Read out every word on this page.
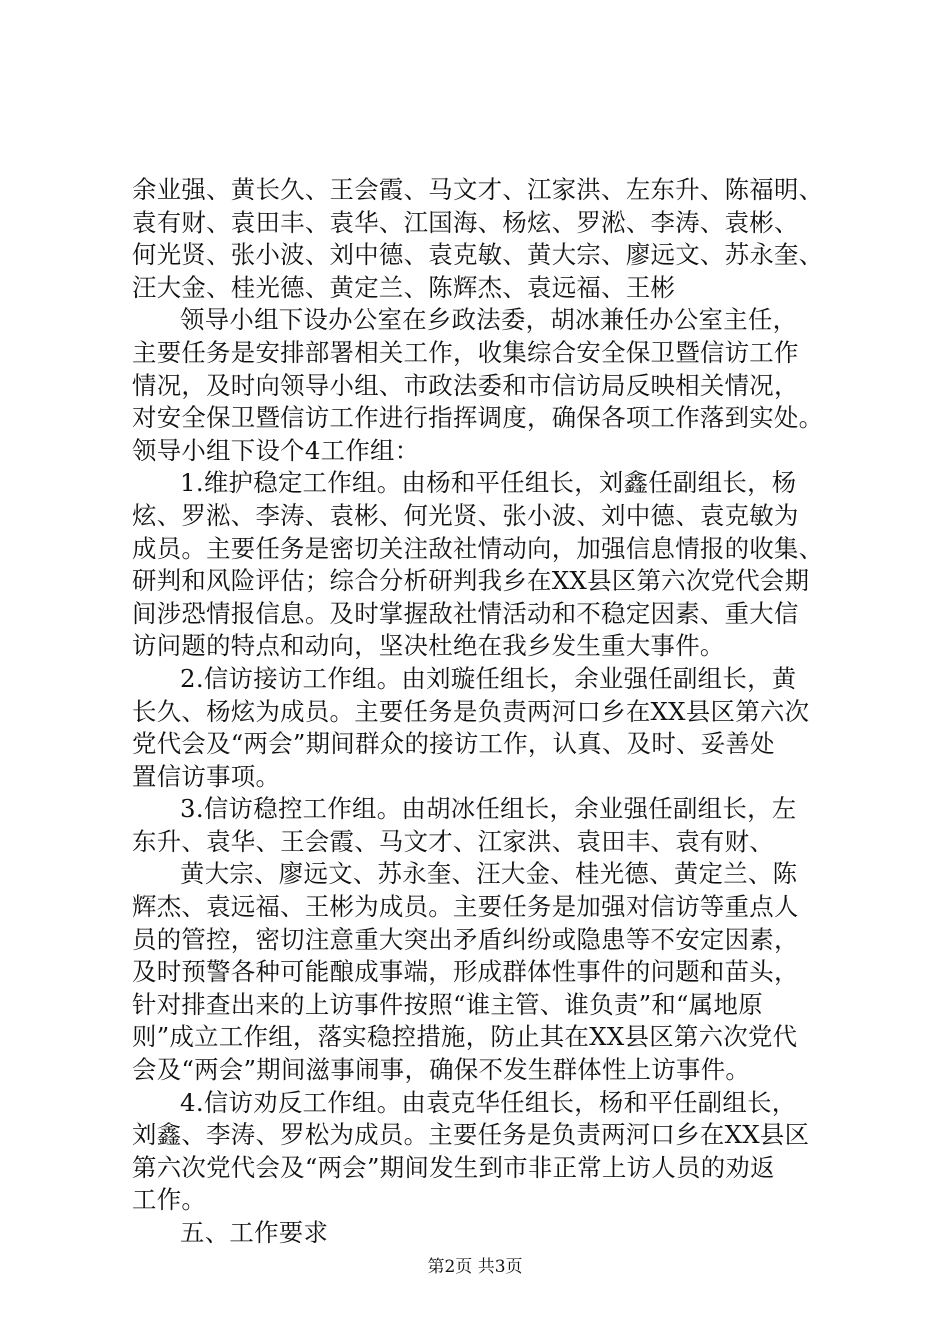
余业强、黄长久、王会霞、马文才、江家洪、左东升、陈福明、
袁有财、袁田丰、袁华、江国海、杨炫、罗淞、李涛、袁彬、
何光贤、张小波、刘中德、袁克敏、黄大宗、廖远文、苏永奎、
汪大金、桂光德、黄定兰、陈辉杰、袁远福、王彬
领导小组下设办公室在乡政法委，胡冰兼任办公室主任，
主要任务是安排部署相关工作，收集综合安全保卫暨信访工作
情况，及时向领导小组、市政法委和市信访局反映相关情况，
对安全保卫暨信访工作进行指挥调度，确保各项工作落到实处。
领导小组下设个4工作组：
1.维护稳定工作组。由杨和平任组长，刘鑫任副组长，杨
炫、罗淞、李涛、袁彬、何光贤、张小波、刘中德、袁克敏为
成员。主要任务是密切关注敌社情动向，加强信息情报的收集、
研判和风险评估；综合分析研判我乡在XX县区第六次党代会期
间涉恐情报信息。及时掌握敌社情活动和不稳定因素、重大信
访问题的特点和动向，坚决杜绝在我乡发生重大事件。
2.信访接访工作组。由刘璇任组长，余业强任副组长，黄
长久、杨炫为成员。主要任务是负责两河口乡在XX县区第六次
党代会及“两会”期间群众的接访工作，认真、及时、妥善处
置信访事项。
3.信访稳控工作组。由胡冰任组长，余业强任副组长，左
东升、袁华、王会霞、马文才、江家洪、袁田丰、袁有财、
黄大宗、廖远文、苏永奎、汪大金、桂光德、黄定兰、陈
辉杰、袁远福、王彬为成员。主要任务是加强对信访等重点人
员的管控，密切注意重大突出矛盾纠纷或隐患等不安定因素，
及时预警各种可能酿成事端，形成群体性事件的问题和苗头，
针对排查出来的上访事件按照“谁主管、谁负责”和“属地原
则”成立工作组，落实稳控措施，防止其在XX县区第六次党代
会及“两会”期间滋事闹事，确保不发生群体性上访事件。
4.信访劝反工作组。由袁克华任组长，杨和平任副组长，
刘鑫、李涛、罗松为成员。主要任务是负责两河口乡在XX县区
第六次党代会及“两会”期间发生到市非正常上访人员的劝返
工作。
五、工作要求
第2页 共3页
